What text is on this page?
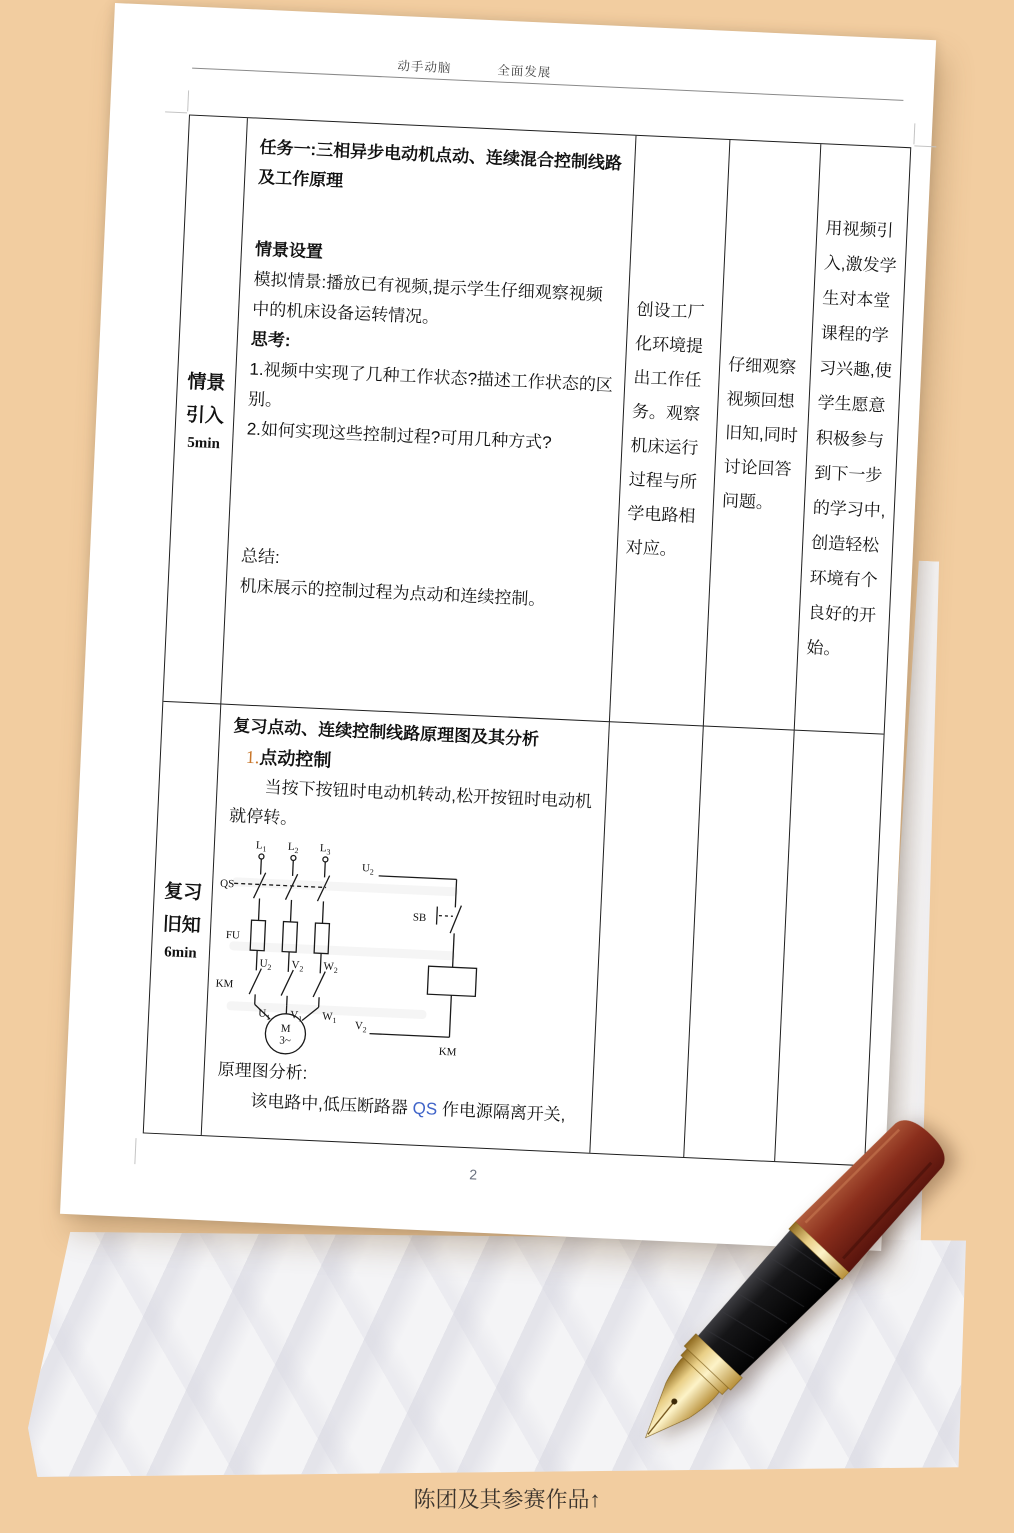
动手动脑	全面发展
情景
引入
5min

任务一:三相异步电动机点动、连续混合控制线路及工作原理

情景设置

模拟情景:播放已有视频,提示学生仔细观察视频中的机床设备运转情况。

思考:

1.视频中实现了几种工作状态?描述工作状态的区别。

2.如何实现这些控制过程?可用几种方式?

总结:

机床展示的控制过程为点动和连续控制。

创设工厂化环境提出工作任务。观察机床运行过程与所学电路相对应。
仔细观察视频回想旧知,同时讨论回答问题。
用视频引入,激发学生对本堂课程的学习兴趣,使学生愿意积极参与到下一步的学习中,创造轻松环境有个良好的开始。
复习
旧知
6min

复习点动、连续控制线路原理图及其分析

1.点动控制

当按下按钮时电动机转动,松开按钮时电动机就停转。

$L_1$ $L_2$ $L_3$
QS
FU
KM
$U_2$ $V_2$ $W_2$
$U_1$ $V_1$ $W_1$
M
3~
$U_2$
SB
$V_2$
KM

原理图分析:

该电路中,低压断路器 QS 作电源隔离开关,

2
陈团及其参赛作品↑
